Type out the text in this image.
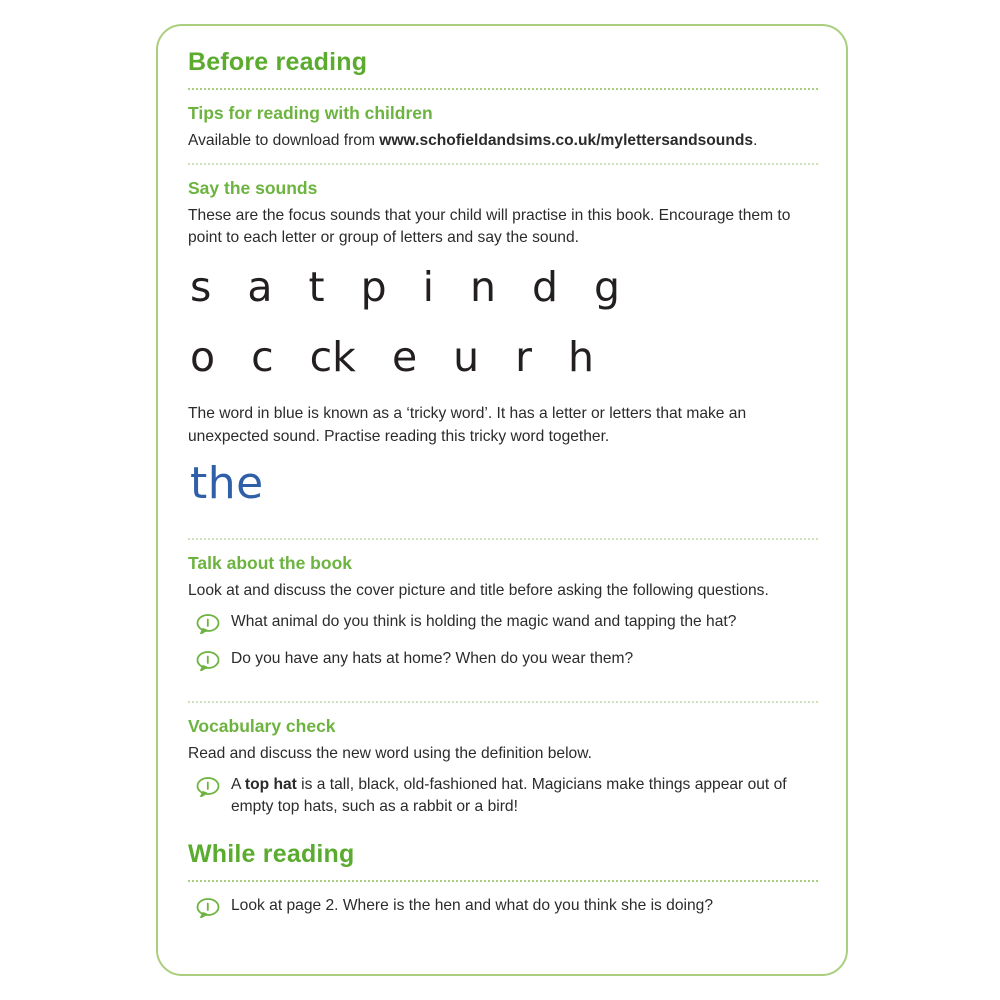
Before reading
Tips for reading with children

Available to download from www.schofieldandsims.co.uk/mylettersandsounds.

Say the sounds

These are the focus sounds that your child will practise in this book. Encourage them to point to each letter or group of letters and say the sound.

s a t p i n d g
o c ck e u r h

The word in blue is known as a ‘tricky word’. It has a letter or letters that make an unexpected sound. Practise reading this tricky word together.

the
Talk about the book

Look at and discuss the cover picture and title before asking the following questions.

What animal do you think is holding the magic wand and tapping the hat?
Do you have any hats at home? When do you wear them?
Vocabulary check

Read and discuss the new word using the definition below.

A top hat is a tall, black, old-fashioned hat. Magicians make things appear out of empty top hats, such as a rabbit or a bird!
While reading
Look at page 2. Where is the hen and what do you think she is doing?
